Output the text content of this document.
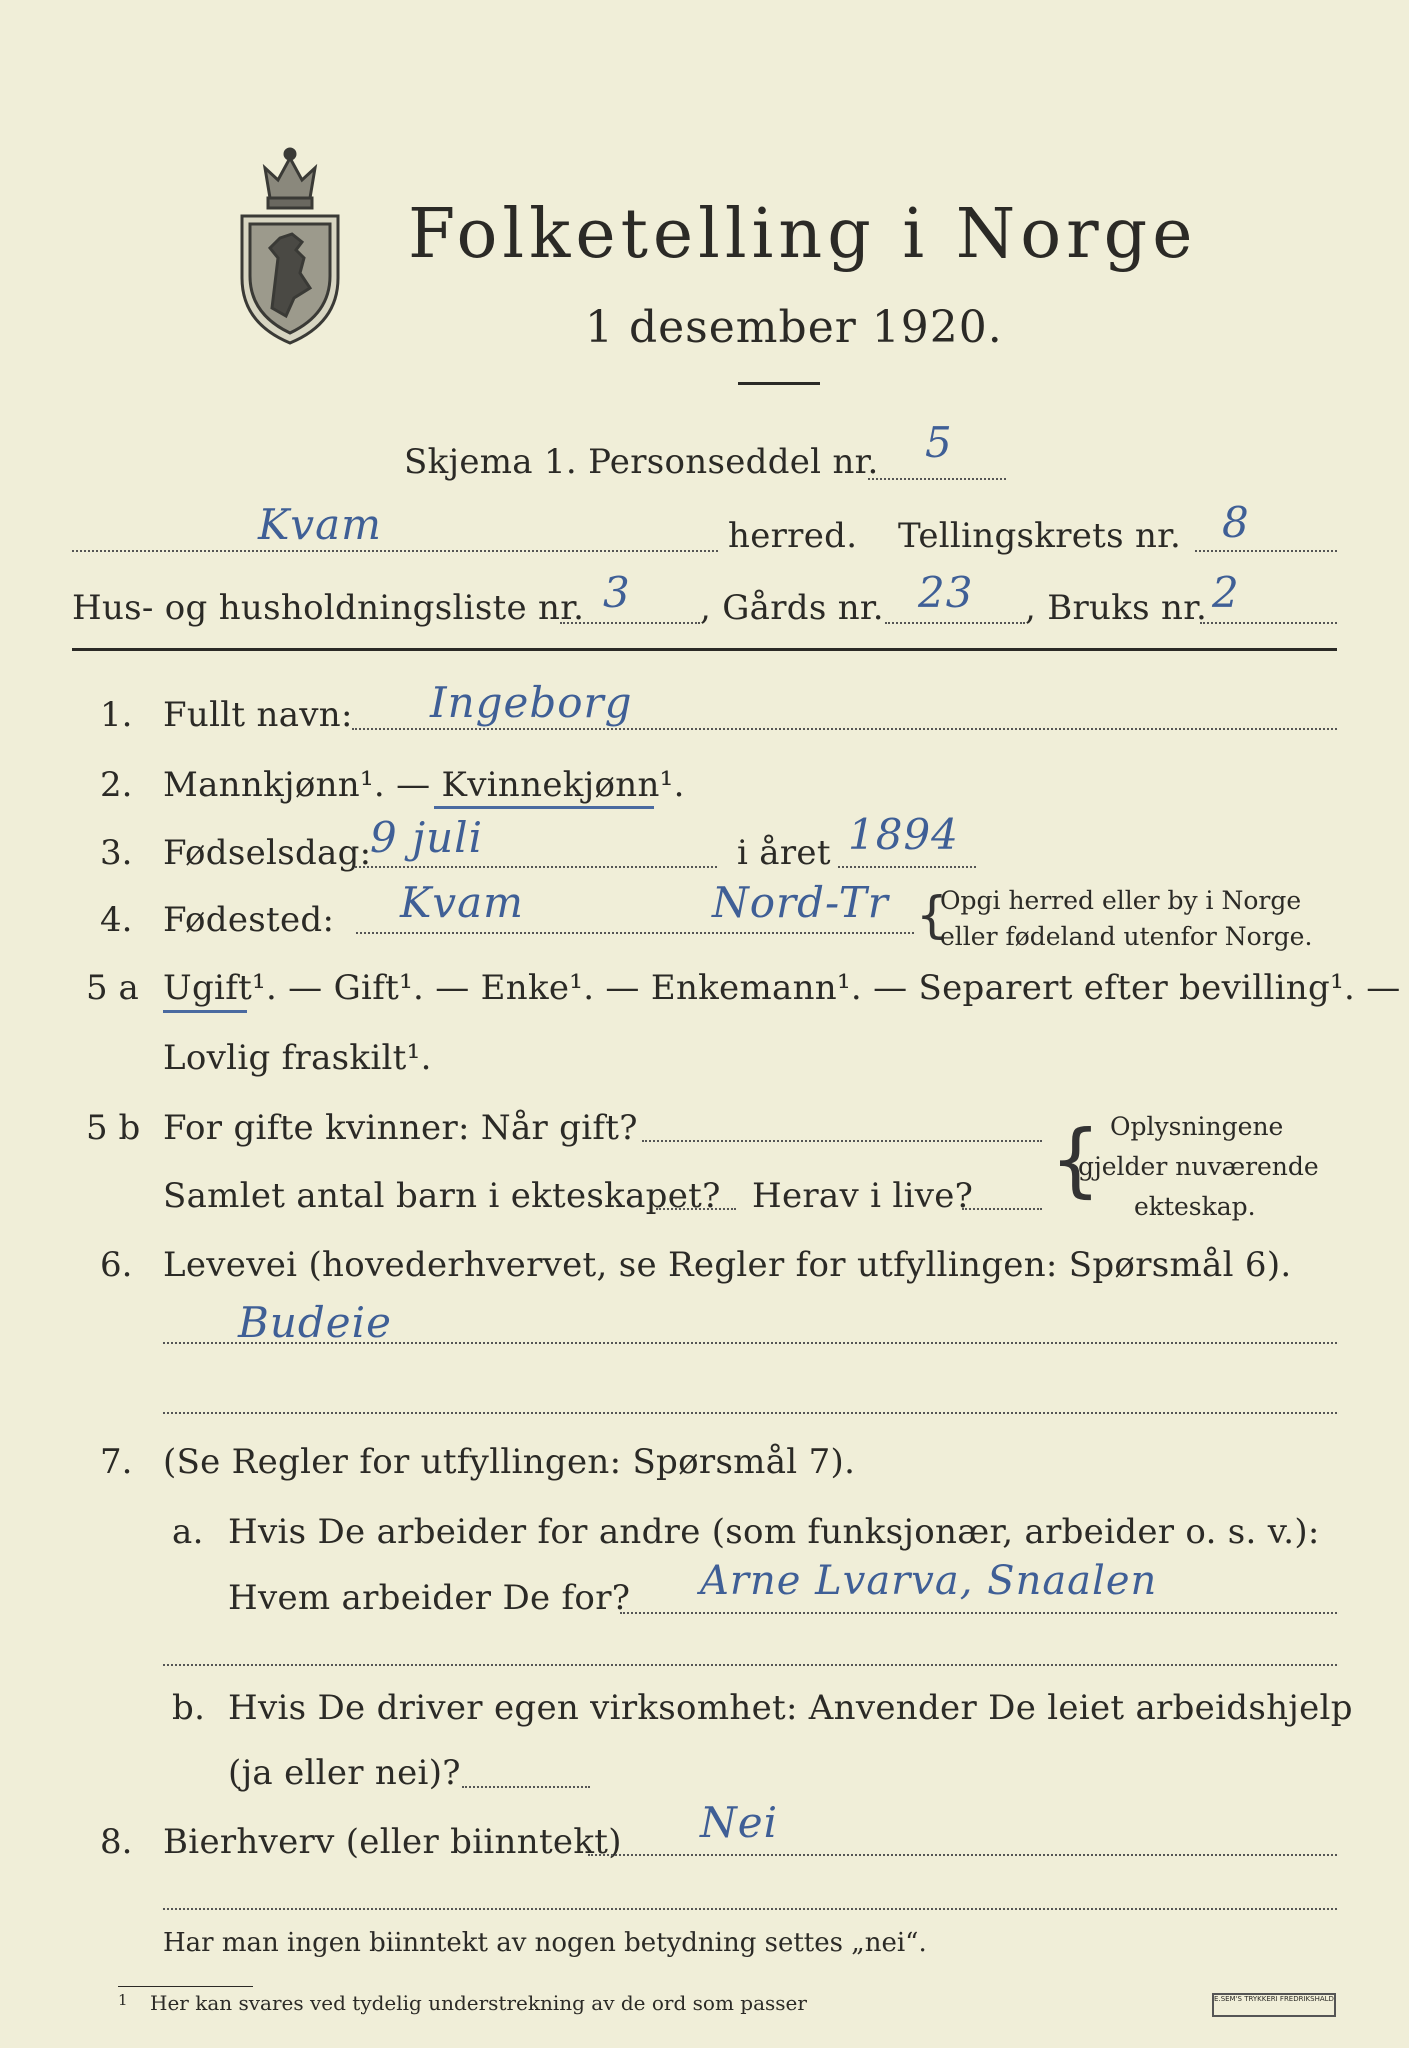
Folketelling i Norge
1 desember 1920.
Skjema 1. Personseddel nr. 5
Kvam	herred. Tellingskrets nr. 8
Hus- og husholdningsliste nr. 3 , Gårds nr. 23 , Bruks nr. 2
1. Fullt navn: Ingeborg
2. Mannkjønn¹. — Kvinnekjønn¹.
3. Fødselsdag:
9 juli	i året 1894
4. Fødested: Kvam	Nord-Tr {
Opgi herred eller by i Norge
eller fødeland utenfor Norge.
5 a Ugift¹. — Gift¹. — Enke¹. — Enkemann¹. — Separert efter bevilling¹. —
Lovlig fraskilt¹.
5 b For gifte kvinner: Når gift?
Samlet antal barn i ekteskapet? Herav i live? { Oplysningene
gjelder nuværende
ekteskap.
6. Levevei (hovederhvervet, se Regler for utfyllingen: Spørsmål 6).
Budeie
7. (Se Regler for utfyllingen: Spørsmål 7).
a. Hvis De arbeider for andre (som funksjonær, arbeider o. s. v.):
Hvem arbeider De for? Arne Lvarva, Snaalen
b. Hvis De driver egen virksomhet: Anvender De leiet arbeidshjelp
(ja eller nei)?
8. Bierhverv (eller biinntekt) Nei
Har man ingen biinntekt av nogen betydning settes „nei“.
1 Her kan svares ved tydelig understrekning av de ord som passer	E.SEM'S TRYKKERI FREDRIKSHALD
